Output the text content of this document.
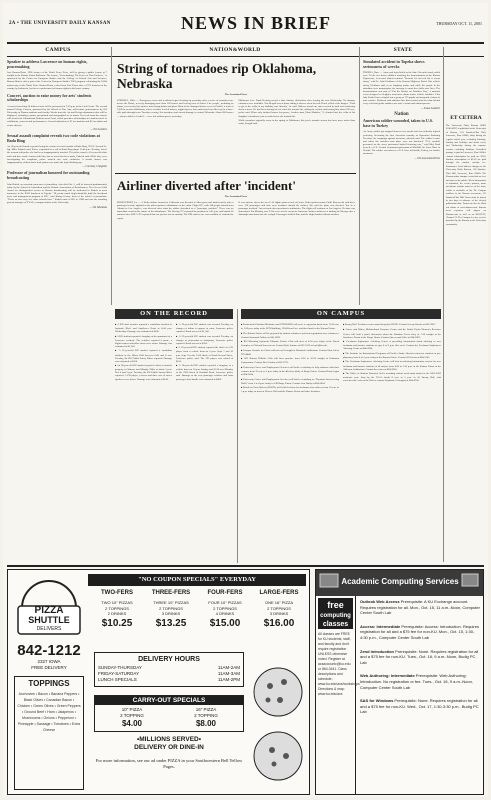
2A • THE UNIVERSITY DAILY KANSAN	NEWS IN BRIEF	THURSDAY OCT. 11, 2001
CAMPUS	NATION&WORLD	STATE
Speaker to address Lawrence on human rights, peacemaking

José Ramos-Horta, 1996 winner of the Nobel Peace Prize, will be giving a public lecture at 7 tonight in the Kansas Union Ballroom. The lecture, "Peacemaking: The Power of Non-Violence," is sponsored by the Center for European Studies and the College of Liberal Arts and Sciences. Ramos-Horta's visit is part of the Center for European Studies' 2001 program celebrating the 100th anniversary of the Nobel Prize. Ramos-Horta, exiled from East Timor after a 1975 invasion of the country by Indonesia, has been a spokesman for human rights in his home country.

Concert, auction to raise money for arts' students scholarships

A concert involving 24 different acts will be performed at 7:30 p.m. at the Lied Center. The second annual College Concert, sponsored by the School of Fine Arts, will feature performances by 250 University of Kansas students and faculty. Works from the Art and Design department also will be displayed, including a poster pre-printed and autographed set to music. Proceeds from the concert will benefit the Educational Enhancement Fund, which provides scholarships for student travel to exhibitions, concerts and performances. General admission is $7 for students and $5 for adults and senior citizens.

— Eve Landers
Sexual assault complaint reveals two code violations at Bada Bing

An 18-year-old female reported being the victim of sexual assault at Bada Bing, 913 N. Second St., Sgt. Mike Pattrick said. Police responded to a call at Bada Bing about 11:40 p.m. Tuesday, where the woman told police she had been inappropriately touched. The police issued a 55-year-old white male and have made contact with him, but no arrest has been made, Pattrick said. While they were investigating the complaint, police noticed two code violations. A female dancer was inappropriately clothed and a male patron was under the legal drinking age.

— Courtney Craigmile
Professor of journalism honored for outstanding broadcasting

John Katich, an associate professor of journalism, who died Oct. 5, will be honored posthumously today by the School of Journalism and the Kansas Association of Broadcasters. The Grover Cobb Award for distinguished service to Kansas broadcasting will be dedicated to Katich at noon tomorrow in the KAB luncheon in Topeka. "He pretty much single-handedly built the broadcast news and management program at KU," said Jimmy Gentry, dean of the school of journalism. "That's an area very few other schools have." Katich came to KU in 1968 and was the founding general manager of TV-26, a campus station at the University.

— J.R. Mendoza
String of tornadoes rip Oklahoma, Nebraska
The Associated Press

CORDELL, Okla. — Emergency crews and residents began cleaning up yesterday after a series of tornadoes tore across the Plains, severely damaging more than 100 homes and leaving tons of debris. Five people, including an infant, were treated for injuries from flying debris and glass. Most of the damaged homes were in Cordell, a town of 3,000 in western Oklahoma, where a twister leveled houses, toppled power lines and tossed cars like toys in a three-mile path through town Tuesday evening. Six tornadoes and caused damage in central Nebraska. About 300 houses — about a third of Cordell — were left without power yesterday.

Oklahoma Gov. Frank Keating issued a state disaster declaration after touring the area Wednesday. No damage estimates were available. Tim Bergall was at home taking a shower when his wife Karol yelled of the danger. "I had to get to the cellar in my birthday suit, literally," he said. Officers found one man covered in mud and wandering down a street. He had been driving his car when the tornado hit, rolling the vehicle and tossing him about 250 feet, police said. When only isolated homes lost power, Another man, Elmo Maddox, 71, climbed into the cellar of his daughter's farmhouse just seconds before the tornado hit.

While tornadoes typically occur in the spring in Oklahoma, this year's tornado season has been more active than usual, Bergall said.

Airliner diverted after 'incident'
The Associated Press

SHREVEPORT, La. — A Delta airliner bound for California was diverted to Shreveport and landed safely after a passenger became agitated as the pilot reported a disturbance in the cabin. Flight 287, with 148 people aboard from Atlanta to Los Angeles, was diverted after what the airline described as a "passenger incident." There was no immediate word on the nature of the disturbance. The Boeing 757 reported the problem at 3:45 p.m. and landed 26 minutes later. KSLA-TV reported that one person was in custody. The FBI said no one was available to confirm the report.

It was unclear where the two F-16 fighter planes took off from. Delta spokeswoman Cindi Kasenevski said there were 138 passengers and nine crew members aboard the airliner. She said the plane was diverted "due to a passenger incident," but referred other questions to authorities. The flight will continue to Los Angeles. No time was determined. On Monday, two F-16s were sent to escort an American Airlines airliner to a landing in Chicago after a distraught man burst into the cockpit. Passengers tackled him, and the flight landed without incident.

Simulated accident in Topeka shows seriousness of wrecks

TOPEKA, Kan. — Arms and legs flailed as the blue Chevrolet truck rolled over. To the two dozen children watching the demonstration at the Kansas Expocentre, it seemed almost comical. "Because it's not real life it seems funny," said Lt. John Eichhorn of the Kansas Highway Patrol. But vehicle safety, Eichhorn said, is no laughing matter and while the people in the simulator were mannequins, the message to most lives balls save lives. The demonstration was part of "Put the Brakes on Fatalities Day," a national event designed to heighten awareness about motor vehicle fatalities. First lady Linda Graves singled out a group of 175 pupils and nonprofit victims of auto crashes. Eichhorn said statistics like that remind ourselves that behind every cold and gentle number was once a warm and vibrant person.

— Susan Lambert
Nation
American soldier wounded, taken to U.S. base in Turkey

An Army soldier got trapped between two trucks and was critically injured yesterday, becoming the first American casualty of Operation Enduring Freedom, the campaign against terrorism, officials said. The soldier's name and where the accident took place were not disclosed. "U.S. medical personnel on the scene performed initial lifesaving care," said Maj. Brad Lowell, a U.S. Central Command spokesman at MacDill Air Force Base in Florida. The soldier was taken to a U.S. base in Incirlik, Turkey, for further treatment.

— The Associated Press
ET CETERA

The University Daily Kansan (ISSN 0746-4967) is published at the University of Kansas, 118 Stauffer-Flint Hall, Lawrence, Kan. 66045, daily during the regular school year, excluding Saturday, Sunday and holidays and finals week, and Wednesday during the summer session excluding holidays. Periodical postage is paid in Lawrence, Kan. 66044. Annual subscription by mail are $130. Student subscription of $2.50 are paid through the student activity fee. Postmaster: Send address changes to the University Daily Kansan, 118 Stauffer-Flint Hall, Lawrence, Kan. 66045. The Kansan prints campus events that are free and open to the public. When information is submitted, the event's sponsor, name and phone number must be on the form, which is available at the Dr. Campus mailbox in the Kansan newsroom, 111 Stauffer-Flint Hall. Items must be turned in two days in advance of the desired publication date. Forms can also be filled out online at www.kansan.com. Kansan news reporters will appear on Kansan.com as well as on KUJH-TV, Channel 31. The Campus is a free service provided by the Kansan to the University community.

ON THE RECORD

■ A KU staff member reported a vandalism incident at Jayhawk Blvd. and Sunflower Road at 6:04 p.m. Wednesday. Damage was estimated at $500.

■ A KU student reported a burglary at the apartment of a Lawrence resident. The resident reported a purse, a digital camera and other items were stolen. Damage was estimated at $1,500.

■ A 21-year-old KU student reported a vandalism incident in the Oliver Hall between 6:45 and 8 a.m. Tuesday, the KU Public Safety Office reported. Damage was estimated at $100.

■ An 18-year-old KU student reported a theft of musical property in Watson and Murphy Halls at about 3 p.m. Oct. 4 and 3 p.m. Tuesday, the KU Public Safety Office reported. A CD player, a stereo and three sets of stereo speakers were stolen. Damage was estimated at $140.

■ A 19-year-old KU student was arrested Tuesday on charges of failure to appear in court, Lawrence police reported. Bond was set at $1,500.

■ A 22-year-old KU student was arrested Tuesday on charges of possession of marijuana, Lawrence police reported. Bond was set at $500.

■ A 19-year-old KU student reported the theft of a CD player from a vehicle between 5 p.m. Sept. 7 and 10 p.m. Sept. 9 in the 1100 block of North Second Street, Lawrence police said. The CD player was valued at $150.

■ A 18-year-old KU student reported a burglary at a vehicle between 10 p.m. Sunday and 10:30 a.m. Monday in the 2300 block of Ousdahl Road, Lawrence police said. Damage to the rear passenger window and front passenger door handle was estimated at $400.

ON CAMPUS

■ Ecumenical Christian Ministries and ENVIRONS will serve a vegetarian lunch from 11:30 a.m. to 1:30 p.m. today at the ECM building, 1204 Oread Ave. and then lunch in the Kansas Union.

■ The Kansas Union will be prepared by student volunteers and non-registration area volunteers. Contact Susannah Fullmer at 841-4935.

■ KU Marching Jayhawks Ultimate Frisbee Club will meet at 4:30 p.m. today at the Shenk Complex at 23rd and Iowa streets. Contact Kyle Sumner at 832-1616 or kyle@ku.edu.

■ Campus Crusade for Christ will meet at 8 tonight in Woodruff Auditorium. Contact John Jeff at 979-4848.

■ KU Kansas Hillside Club will have practice from 6:30 to 10:30 tonight in Robinson Gymnasium. Contact Ben Gordon at 841-1776.

■ University Career and Employment Services will hold a workshop to help students with their resumes from 10 a.m. to 3 p.m. today in the 4th floor lobby of Burge Union. Contact Brian Logan at 864-3624.

■ University Career and Employment Services will hold a workshop on "Dynamic Interviewing Skills" from 3 to 4 p.m. today in 149 Burge Union. Contact Ann Hardy at 864-3624.

■ Board of Class Officers (BOCO) will hold elections for freshman class officers from 10 a.m. to 5 p.m. today in front of Wescoe Hall and the Kansas Union and other locations.

■ Strong Hall. Freshmen voters must bring their KUID. Contact Jeremy Brooks at 841-9207.

■ Career and Ethics, Multicultural Resource Center and the Emily Taylor Women's Resource Center will hold a panel discussion about the Brandon Teena story at 7:30 tonight at the Sunflower Room in the Burge Union. Contact Queers and Allies at 864-3091.

■ Freshman Sophomore Advising Center is providing information about advising to new freshman and transfer students at ages 4 to 9 p.m. this week. Contact the Freshman Sophomore Advising Center at 864-2834.

■ The Institute for International Programs will hold a Study Abroad session for students in pre-pharmacy from 4 to 5 p.m. today at the Kansas Union. Contact Jill Garcia at 864-3742.

■ The Freshman Sophomore Advising Center will host an advising information session for new freshman and transfer students at all majors from 4:30 to 5:30 p.m. at the Kansas Union in the Alderson Auditorium. Contact the center at 864-2834.

■ The Office of Student Financial Aid is awarding federal work study funds for the 2001-2002 academic year. Stop by the FSAA booth 8 a.m. to 5 p.m. in 50 Strong Hall, visit www.ku.edu/~osfa on the Web or contact Stephanie Covington at 864-4700.

"NO COUPON SPECIALS" EVERYDAY
PIZZA
SHUTTLE
DELIVERS
TWO-FERS	THREE-FERS	FOUR-FERS	LARGE-FERS
TWO 10" PIZZAS
2 TOPPINGS
2 DRINKS
$10.25
THREE 10" PIZZAS
2 TOPPINGS
3 DRINKS
$13.25
FOUR 10" PIZZAS
2 TOPPINGS
4 DRINKS
$15.00
ONE 16" PIZZA
2 TOPPINGS
3 DRINKS
$16.00
842-1212
2327 IOWA
FREE DELIVERY
TOPPINGS
Anchovies • Bacon • Banana Peppers • Black Olives • Canadian Bacon • Chicken • Green Olives • Green Peppers • Ground Beef • Ham • Jalapenos • Mushrooms • Onions • Pepperoni • Pineapple • Sausage • Tomatoes • Extra Cheese
DELIVERY HOURS
SUNDAY-THURSDAY	11AM-2AM
FRIDAY-SATURDAY	11AM-3AM
LUNCH SPECIALS	11AM-2PM
CARRY-OUT SPECIALS
10" PIZZA
2 TOPPING
$4.00
16" PIZZA
2 TOPPING
$8.00
•MILLIONS SERVED•
DELIVERY OR DINE-IN
For more information, see our ad under PIZZA in your Southwestern Bell Yellow Pages.
Academic Computing Services
free
computing
classes
All classes are FREE for KU students, staff, and faculty and don't require registration UNLESS otherwise noted. Register at acsaccountc@ku.edu or 864-0441. Class descriptions and schedule: www.ku.edu/acs/workshops Directions & map: www.ku.edu/acs
Outlook Web Access Prerequisite: A KU Exchange account. Requires registration for all. Mon., Oct. 15, 11 a.m.-Noon, Computer Center South Lab
Access: Intermediate Prerequisite: Access: Introduction. Requires registration for all and a $75 fee for non-KU. Mon., Oct. 15, 1:30-4:30 p.m., Computer Center South Lab
Zend Introduction Prerequisite: None. Requires registration for all and a $75 fee for non-KU. Tues., Oct. 16, 9 a.m.-Noon, Budig PC Lab
Web Authoring: Intermediate Prerequisite: Web Authoring: Introduction. No registration or fee. Tues., Oct. 16, 9 a.m.-Noon, Computer Center South Lab
SAS for Windows Prerequisite: None. Requires registration for all and a $75 fee for non-KU. Wed., Oct. 17, 1:30-3:30 p.m., Budig PC Lab
